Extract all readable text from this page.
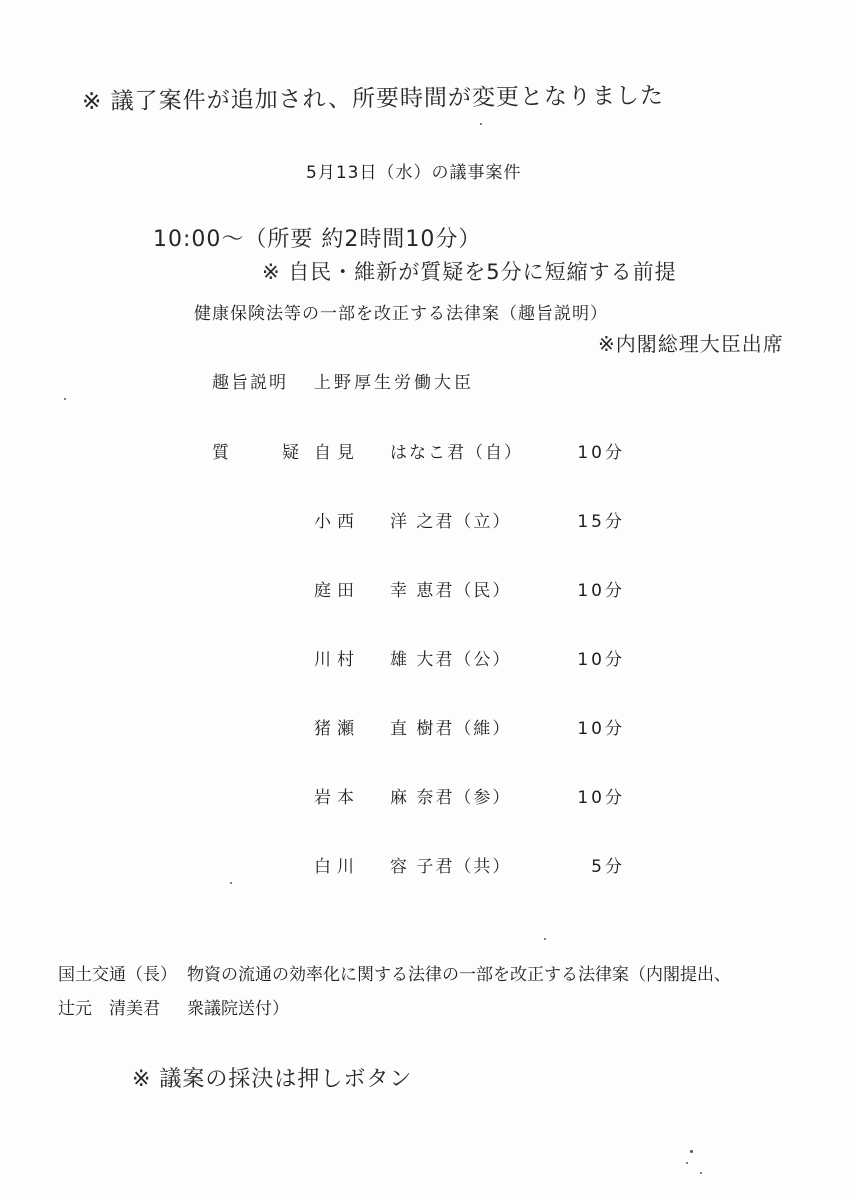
※ 議了案件が追加され、所要時間が変更となりました
5月13日（水）の議事案件
10:00～（所要 約2時間10分）
※ 自民・維新が質疑を5分に短縮する前提
健康保険法等の一部を改正する法律案（趣旨説明）
※内閣総理大臣出席
趣旨説明 上野厚生労働大臣
質　疑
自見 はなこ君（自）	10分
小西 洋 之君（立）	15分
庭田 幸 恵君（民）	10分
川村 雄 大君（公）	10分
猪瀬 直 樹君（維）	10分
岩本 麻 奈君（参）	10分
白川 容 子君（共）	5分
国土交通（長） 物資の流通の効率化に関する法律の一部を改正する法律案（内閣提出、
辻元　清美君 衆議院送付）
※ 議案の採決は押しボタン
